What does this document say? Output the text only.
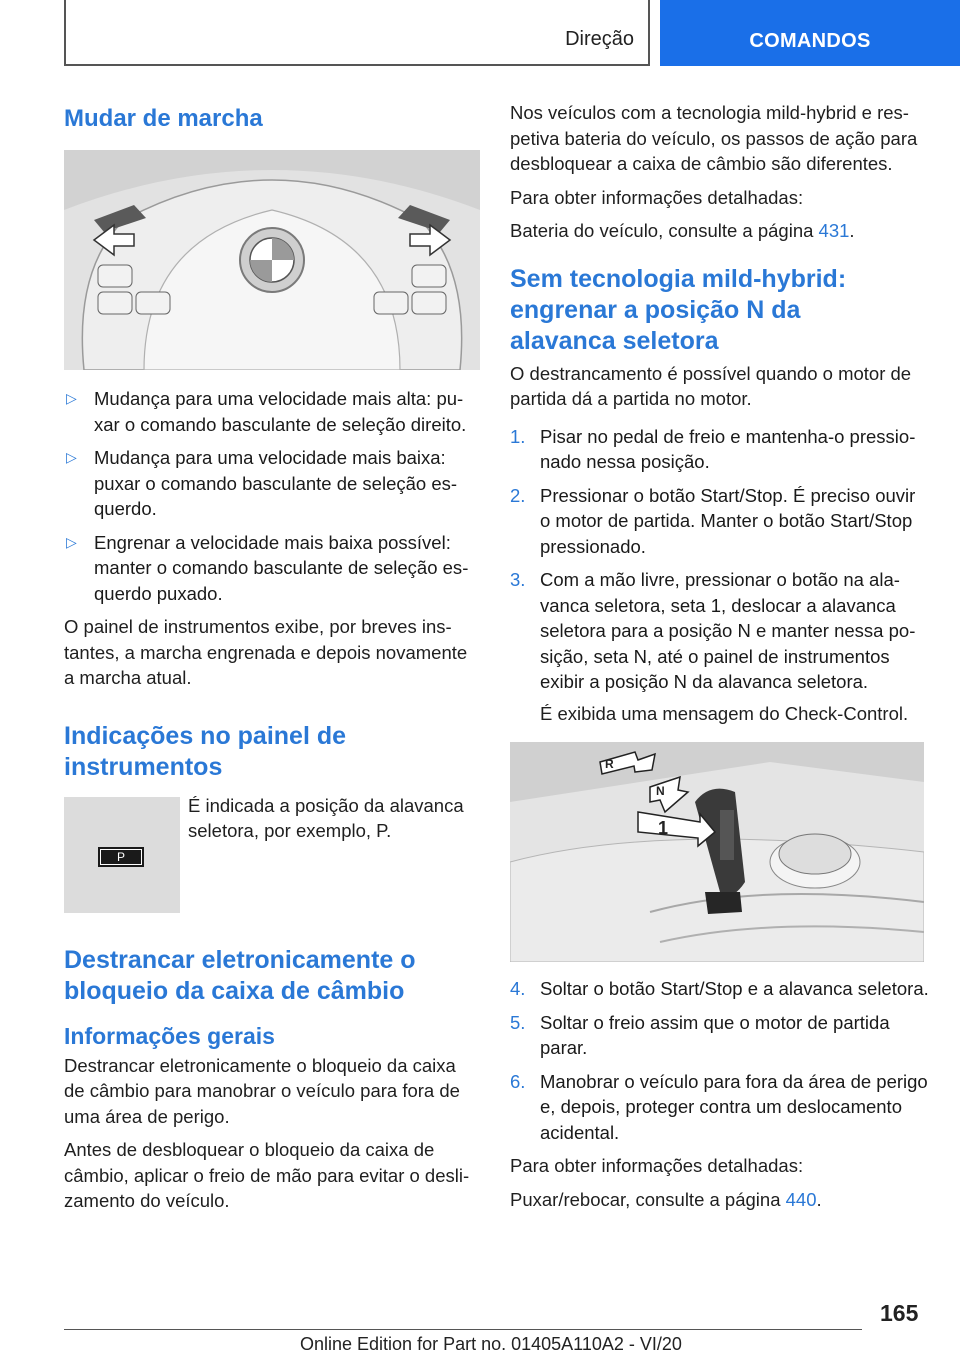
Direção	COMANDOS
Mudar de marcha
▷ Mudança para uma velocidade mais alta: puxar o comando basculante de seleção direito.
▷ Mudança para uma velocidade mais baixa: puxar o comando basculante de seleção esquerdo.
▷ Engrenar a velocidade mais baixa possível: manter o comando basculante de seleção esquerdo puxado.

O painel de instrumentos exibe, por breves instantes, a marcha engrenada e depois novamente a marcha atual.

Indicações no painel de instrumentos
P

É indicada a posição da alavanca seletora, por exemplo, P.

Destrancar eletronicamente o bloqueio da caixa de câmbio
Informações gerais

Destrancar eletronicamente o bloqueio da caixa de câmbio para manobrar o veículo para fora de uma área de perigo.

Antes de desbloquear o bloqueio da caixa de câmbio, aplicar o freio de mão para evitar o deslizamento do veículo.

Nos veículos com a tecnologia mild-hybrid e respetiva bateria do veículo, os passos de ação para desbloquear a caixa de câmbio são diferentes.

Para obter informações detalhadas:

Bateria do veículo, consulte a página 431.

Sem tecnologia mild-hybrid: engrenar a posição N da alavanca seletora

O destrancamento é possível quando o motor de partida dá a partida no motor.

1. Pisar no pedal de freio e mantenha-o pressionado nessa posição.
2. Pressionar o botão Start/Stop. É preciso ouvir o motor de partida. Manter o botão Start/Stop pressionado.
3. Com a mão livre, pressionar o botão na alavanca seletora, seta 1, deslocar a alavanca seletora para a posição N e manter nessa posição, seta N, até o painel de instrumentos exibir a posição N da alavanca seletora.

É exibida uma mensagem do Check-Control.

R
N
1
4. Soltar o botão Start/Stop e a alavanca seletora.
5. Soltar o freio assim que o motor de partida parar.
6. Manobrar o veículo para fora da área de perigo e, depois, proteger contra um deslocamento acidental.

Para obter informações detalhadas:

Puxar/rebocar, consulte a página 440.

165
Online Edition for Part no. 01405A110A2 - VI/20
